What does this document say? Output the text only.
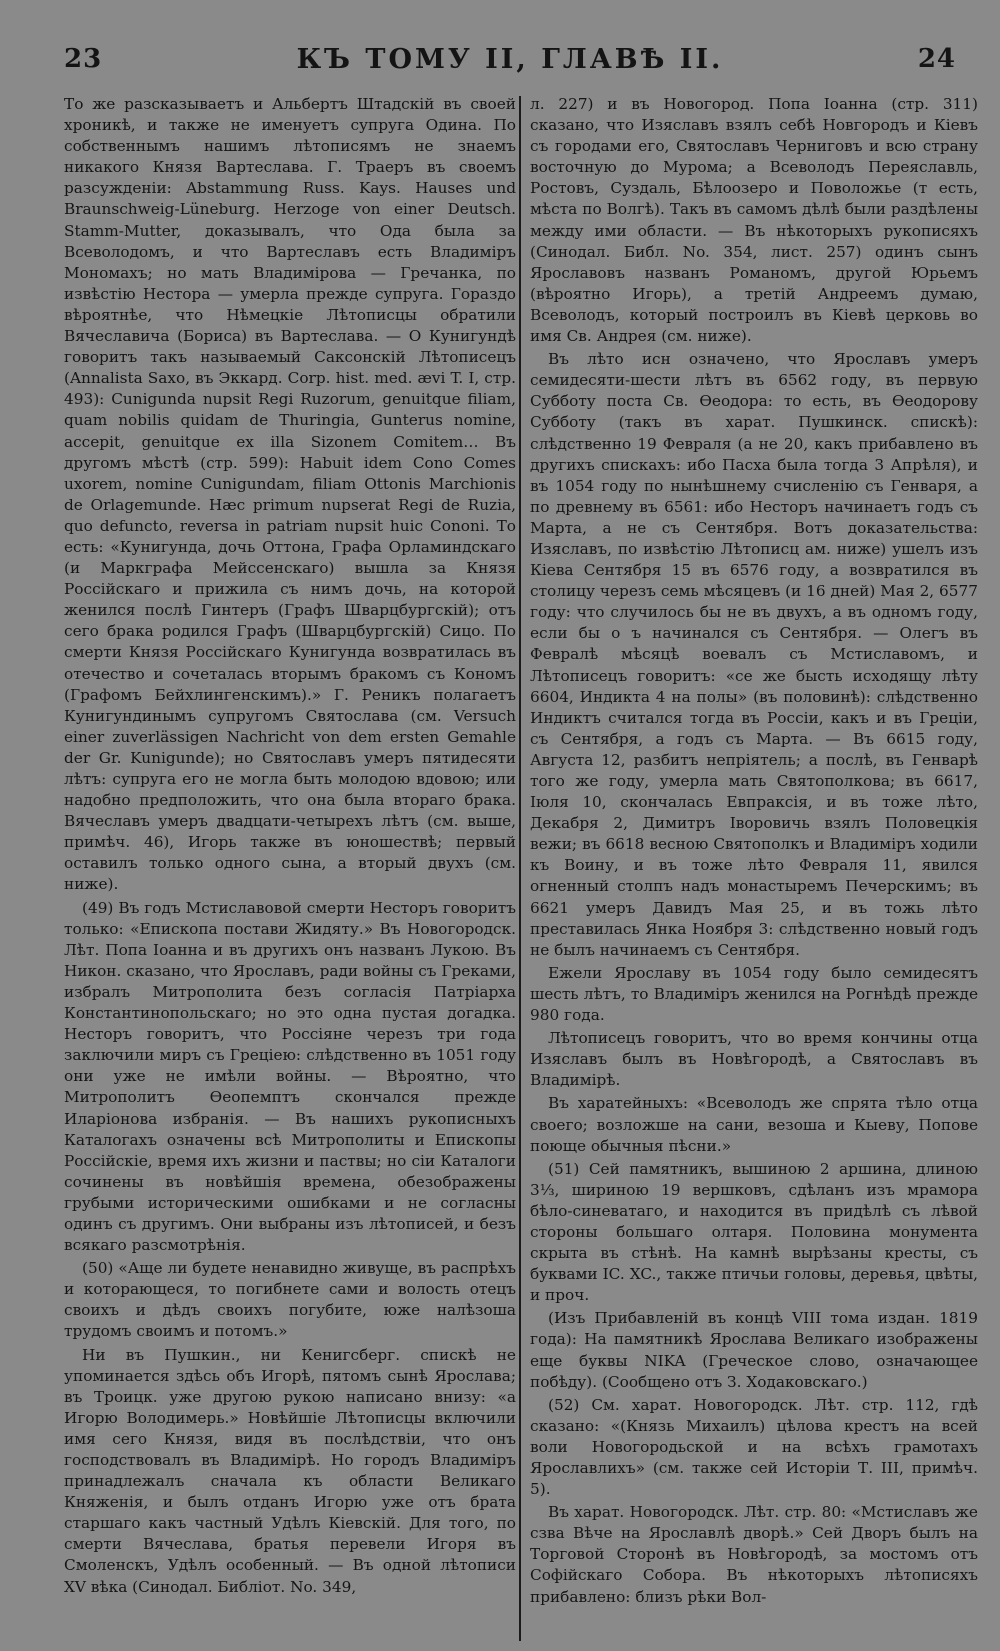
23	КЪ ТОМУ II, ГЛАВѢ II.	24

То же разсказываетъ и Альбертъ Штадскій въ своей хроникѣ, и также не именуетъ супруга Одина. По собственнымъ нашимъ лѣтописямъ не знаемъ никакого Князя Вартеслава. Г. Траеръ въ своемъ разсужденіи: Abstammung Russ. Kays. Hauses und Braunschweig-Lüneburg. Herzoge von einer Deutsch. Stamm-Mutter, доказывалъ, что Ода была за Всеволодомъ, и что Вартеславъ есть Владиміръ Мономахъ; но мать Владимірова — Гречанка, по извѣстію Нестора — умерла прежде супруга. Гораздо вѣроятнѣе, что Нѣмецкіе Лѣтописцы обратили Вячеславича (Бориса) въ Вартеслава. — О Кунигундѣ говоритъ такъ называемый Саксонскій Лѣтописецъ (Annalista Saxo, въ Эккард. Corp. hist. med. ævi T. I, стр. 493): Cunigunda nupsit Regi Ruzorum, genuitque filiam, quam nobilis quidam de Thuringia, Gunterus nomine, accepit, genuitque ex illa Sizonem Comitem… Въ другомъ мѣстѣ (стр. 599): Habuit idem Cono Comes uxorem, nomine Cunigundam, filiam Ottonis Marchionis de Orlagemunde. Hæc primum nupserat Regi de Ruzia, quo defuncto, reversa in patriam nupsit huic Cononi. То есть: «Кунигунда, дочь Оттона, Графа Орламиндскаго (и Маркграфа Мейссенскаго) вышла за Князя Россійскаго и прижила съ нимъ дочь, на которой женился послѣ Гинтеръ (Графъ Шварцбургскій); отъ сего брака родился Графъ (Шварцбургскій) Сицо. По смерти Князя Россійскаго Кунигунда возвратилась въ отечество и сочеталась вторымъ бракомъ съ Кономъ (Графомъ Бейхлингенскимъ).» Г. Реникъ полагаетъ Кунигундинымъ супругомъ Святослава (см. Versuch einer zuverlässigen Nachricht von dem ersten Gemahle der Gr. Kunigunde); но Святославъ умеръ пятидесяти лѣтъ: супруга его не могла быть молодою вдовою; или надобно предположить, что она была втораго брака. Вячеславъ умеръ двадцати-четырехъ лѣтъ (см. выше, примѣч. 46), Игорь также въ юношествѣ; первый оставилъ только одного сына, а вторый двухъ (см. ниже).

(49) Въ годъ Мстиславовой смерти Несторъ говоритъ только: «Епископа постави Жидяту.» Въ Новогородск. Лѣт. Попа Іоанна и въ другихъ онъ названъ Лукою. Въ Никон. сказано, что Ярославъ, ради войны съ Греками, избралъ Митрополита безъ согласія Патріарха Константинопольскаго; но это одна пустая догадка. Несторъ говоритъ, что Россіяне черезъ три года заключили миръ съ Греціею: слѣдственно въ 1051 году они уже не имѣли войны. — Вѣроятно, что Митрополитъ Ѳеопемптъ скончался прежде Иларіонова избранія. — Въ нашихъ рукописныхъ Каталогахъ означены всѣ Митрополиты и Епископы Россійскіе, время ихъ жизни и паствы; но сіи Каталоги сочинены въ новѣйшія времена, обезображены грубыми историческими ошибками и не согласны одинъ съ другимъ. Они выбраны изъ лѣтописей, и безъ всякаго разсмотрѣнія.

(50) «Аще ли будете ненавидно живуще, въ распрѣхъ и которающеся, то погибнете сами и волость отецъ своихъ и дѣдъ своихъ погубите, юже налѣзоша трудомъ своимъ и потомъ.»

Ни въ Пушкин., ни Кенигсберг. спискѣ не упоминается здѣсь объ Игорѣ, пятомъ сынѣ Ярослава; въ Троицк. уже другою рукою написано внизу: «а Игорю Володимерь.» Новѣйшіе Лѣтописцы включили имя сего Князя, видя въ послѣдствіи, что онъ господствовалъ въ Владимірѣ. Но городъ Владиміръ принадлежалъ сначала къ области Великаго Княженія, и былъ отданъ Игорю уже отъ брата старшаго какъ частный Удѣлъ Кіевскій. Для того, по смерти Вячеслава, братья перевели Игоря въ Смоленскъ, Удѣлъ особенный. — Въ одной лѣтописи XV вѣка (Синодал. Библіот. No. 349,

л. 227) и въ Новогород. Попа Іоанна (стр. 311) сказано, что Изяславъ взялъ себѣ Новгородъ и Кіевъ съ городами его, Святославъ Черниговъ и всю страну восточную до Мурома; а Всеволодъ Переяславль, Ростовъ, Суздаль, Бѣлоозеро и Поволожье (т есть, мѣста по Волгѣ). Такъ въ самомъ дѣлѣ были раздѣлены между ими области. — Въ нѣкоторыхъ рукописяхъ (Синодал. Библ. No. 354, лист. 257) одинъ сынъ Ярославовъ названъ Романомъ, другой Юрьемъ (вѣроятно Игорь), а третій Андреемъ думаю, Всеволодъ, который построилъ въ Кіевѣ церковь во имя Св. Андрея (см. ниже).

Въ лѣто исн означено, что Ярославъ умеръ семидесяти-шести лѣтъ въ 6562 году, въ первую Субботу поста Св. Ѳеодора: то есть, въ Ѳеодорову Субботу (такъ въ харат. Пушкинск. спискѣ): слѣдственно 19 Февраля (а не 20, какъ прибавлено въ другихъ спискахъ: ибо Пасха была тогда 3 Апрѣля), и въ 1054 году по нынѣшнему счисленію съ Генваря, а по древнему въ 6561: ибо Несторъ начинаетъ годъ съ Марта, а не съ Сентября. Вотъ доказательства: Изяславъ, по извѣстію Лѣтописц ам. ниже) ушелъ изъ Кіева Сентября 15 въ 6576 году, а возвратился въ столицу черезъ семь мѣсяцевъ (и 16 дней) Мая 2, 6577 году: что случилось бы не въ двухъ, а въ одномъ году, если бы о ъ начинался съ Сентября. — Олегъ въ Февралѣ мѣсяцѣ воевалъ съ Мстиславомъ, и Лѣтописецъ говоритъ: «се же бысть исходящу лѣту 6604, Индикта 4 на полы» (въ половинѣ): слѣдственно Индиктъ считался тогда въ Россіи, какъ и въ Греціи, съ Сентября, а годъ съ Марта. — Въ 6615 году, Августа 12, разбитъ непріятель; а послѣ, въ Генварѣ того же году, умерла мать Святополкова; въ 6617, Іюля 10, скончалась Евпраксія, и въ тоже лѣто, Декабря 2, Димитръ Іворовичь взялъ Половецкія вежи; въ 6618 весною Святополкъ и Владиміръ ходили къ Воину, и въ тоже лѣто Февраля 11, явился огненный столпъ надъ монастыремъ Печерскимъ; въ 6621 умеръ Давидъ Мая 25, и въ тожь лѣто преставилась Янка Ноября 3: слѣдственно новый годъ не былъ начинаемъ съ Сентября.

Ежели Ярославу въ 1054 году было семидесятъ шесть лѣтъ, то Владиміръ женился на Рогнѣдѣ прежде 980 года.

Лѣтописецъ говоритъ, что во время кончины отца Изяславъ былъ въ Новѣгородѣ, а Святославъ въ Владимірѣ.

Въ харатейныхъ: «Всеволодъ же спрята тѣло отца своего; возложше на сани, везоша и Кыеву, Попове поюще обычныя пѣсни.»

(51) Сей памятникъ, вышиною 2 аршина, длиною 3⅓, шириною 19 вершковъ, сдѣланъ изъ мрамора бѣло-синеватаго, и находится въ придѣлѣ съ лѣвой стороны большаго олтаря. Половина монумента скрыта въ стѣнѣ. На камнѣ вырѣзаны кресты, съ буквами IC. XC., также птичьи головы, деревья, цвѣты, и проч.

(Изъ Прибавленій въ концѣ VIII тома издан. 1819 года): На памятникѣ Ярослава Великаго изображены еще буквы NIKA (Греческое слово, означающее побѣду). (Сообщено отъ З. Ходаковскаго.)

(52) См. харат. Новогородск. Лѣт. стр. 112, гдѣ сказано: «(Князь Михаилъ) цѣлова крестъ на всей воли Новогородьской и на всѣхъ грамотахъ Ярославлихъ» (см. также сей Исторіи Т. III, примѣч. 5).

Въ харат. Новогородск. Лѣт. стр. 80: «Мстиславъ же сзва Вѣче на Ярославлѣ дворѣ.» Сей Дворъ былъ на Торговой Сторонѣ въ Новѣгородѣ, за мостомъ отъ Софійскаго Собора. Въ нѣкоторыхъ лѣтописяхъ прибавлено: близъ рѣки Вол-
